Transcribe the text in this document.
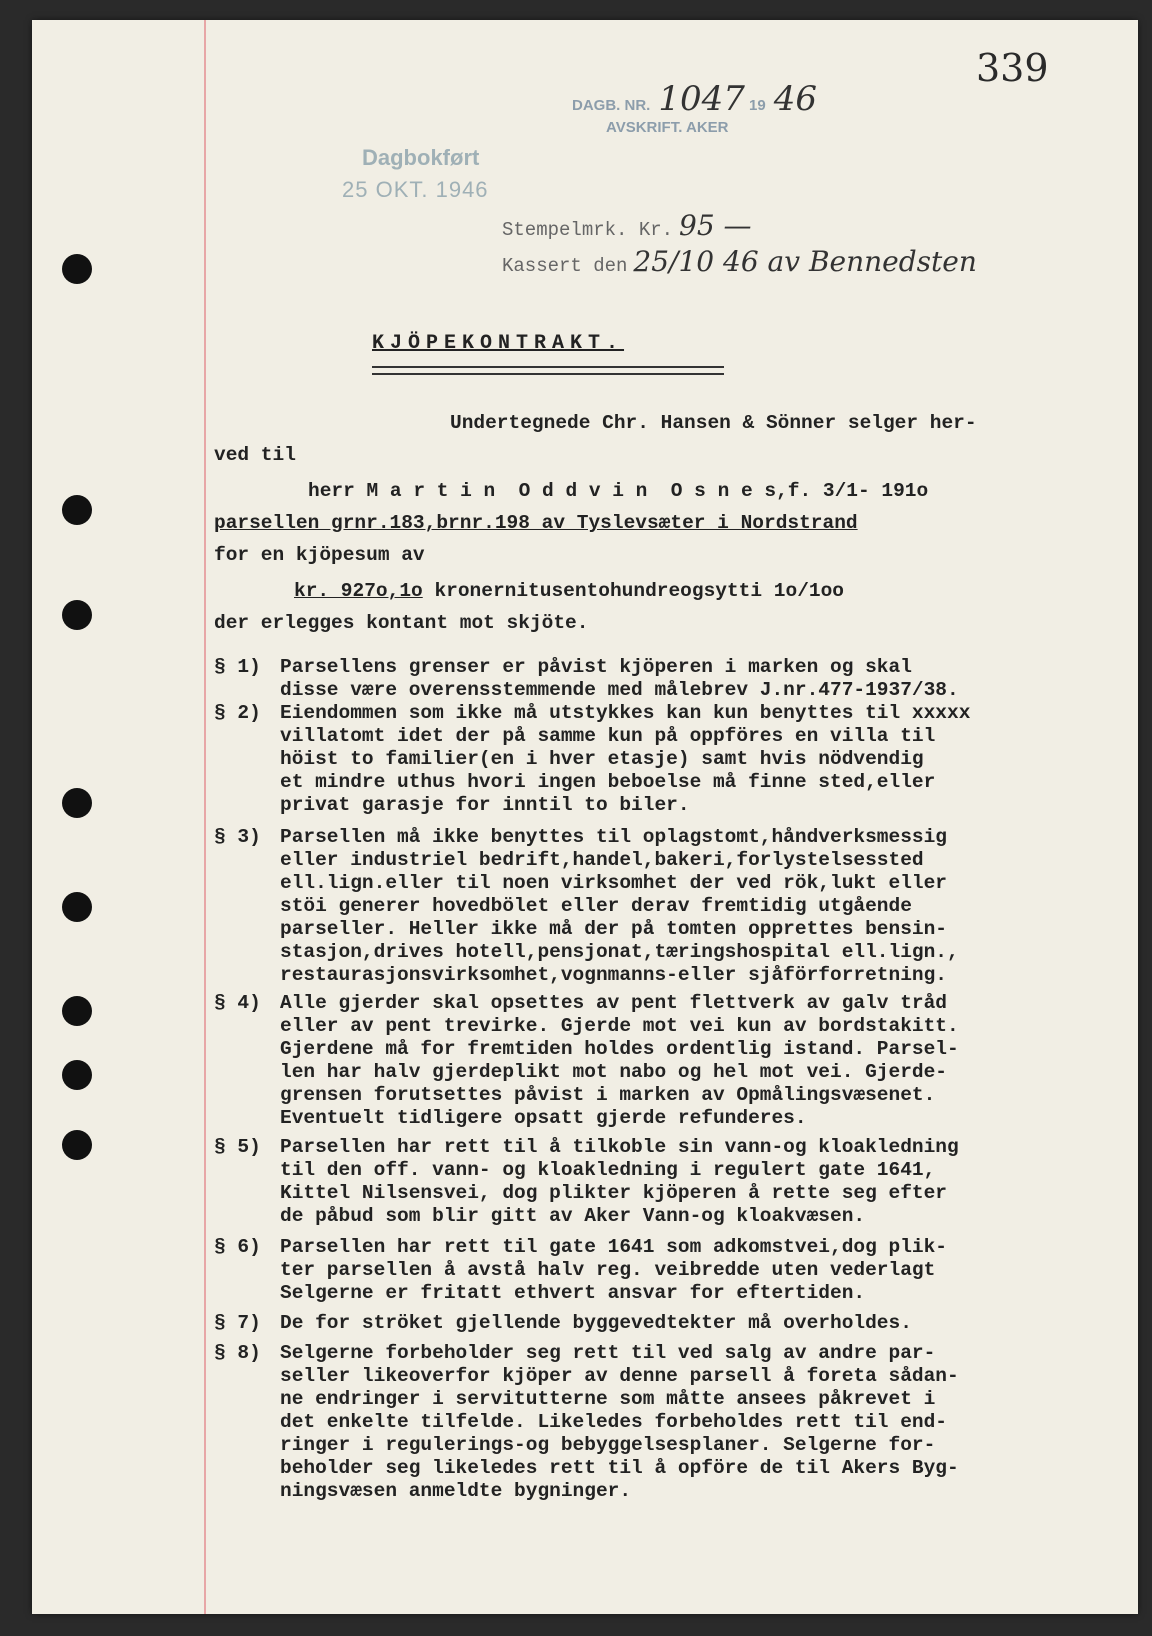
339
DAGB. NR. 1047 19 46
AVSKRIFT. AKER
Dagbokført
25 OKT. 1946
Stempelmrk. Kr. 95 —
Kassert den 25/10 46 av Bennedsten
KJÖPEKONTRAKT.
Undertegnede Chr. Hansen & Sönner selger her-
ved til
herr M a r t i n  O d d v i n  O s n e s,f. 3/1- 191o
parsellen grnr.183,brnr.198 av Tyslevsæter i Nordstrand
for en kjöpesum av
kr. 927o,1o kronernitusentohundreogsytti 1o/1oo
der erlegges kontant mot skjöte.
§ 1) Parsellens grenser er påvist kjöperen i marken og skal
disse være overensstemmende med målebrev J.nr.477-1937/38.
§ 2) Eiendommen som ikke må utstykkes kan kun benyttes til xxxxx
villatomt idet der på samme kun på oppföres en villa til
höist to familier(en i hver etasje) samt hvis nödvendig
et mindre uthus hvori ingen beboelse må finne sted,eller
privat garasje for inntil to biler.
§ 3) Parsellen må ikke benyttes til oplagstomt,håndverksmessig
eller industriel bedrift,handel,bakeri,forlystelsessted
ell.lign.eller til noen virksomhet der ved rök,lukt eller
stöi generer hovedbölet eller derav fremtidig utgående
parseller. Heller ikke må der på tomten opprettes bensin-
stasjon,drives hotell,pensjonat,tæringshospital ell.lign.,
restaurasjonsvirksomhet,vognmanns-eller sjåförforretning.
§ 4) Alle gjerder skal opsettes av pent flettverk av galv tråd
eller av pent trevirke. Gjerde mot vei kun av bordstakitt.
Gjerdene må for fremtiden holdes ordentlig istand. Parsel-
len har halv gjerdeplikt mot nabo og hel mot vei. Gjerde-
grensen forutsettes påvist i marken av Opmålingsvæsenet.
Eventuelt tidligere opsatt gjerde refunderes.
§ 5) Parsellen har rett til å tilkoble sin vann-og kloakledning
til den off. vann- og kloakledning i regulert gate 1641,
Kittel Nilsensvei, dog plikter kjöperen å rette seg efter
de påbud som blir gitt av Aker Vann-og kloakvæsen.
§ 6) Parsellen har rett til gate 1641 som adkomstvei,dog plik-
ter parsellen å avstå halv reg. veibredde uten vederlagt
Selgerne er fritatt ethvert ansvar for eftertiden.
§ 7) De for ströket gjellende byggevedtekter må overholdes.
§ 8) Selgerne forbeholder seg rett til ved salg av andre par-
seller likeoverfor kjöper av denne parsell å foreta sådan-
ne endringer i servitutterne som måtte ansees påkrevet i
det enkelte tilfelde. Likeledes forbeholdes rett til end-
ringer i regulerings-og bebyggelsesplaner. Selgerne for-
beholder seg likeledes rett til å opföre de til Akers Byg-
ningsvæsen anmeldte bygninger.
